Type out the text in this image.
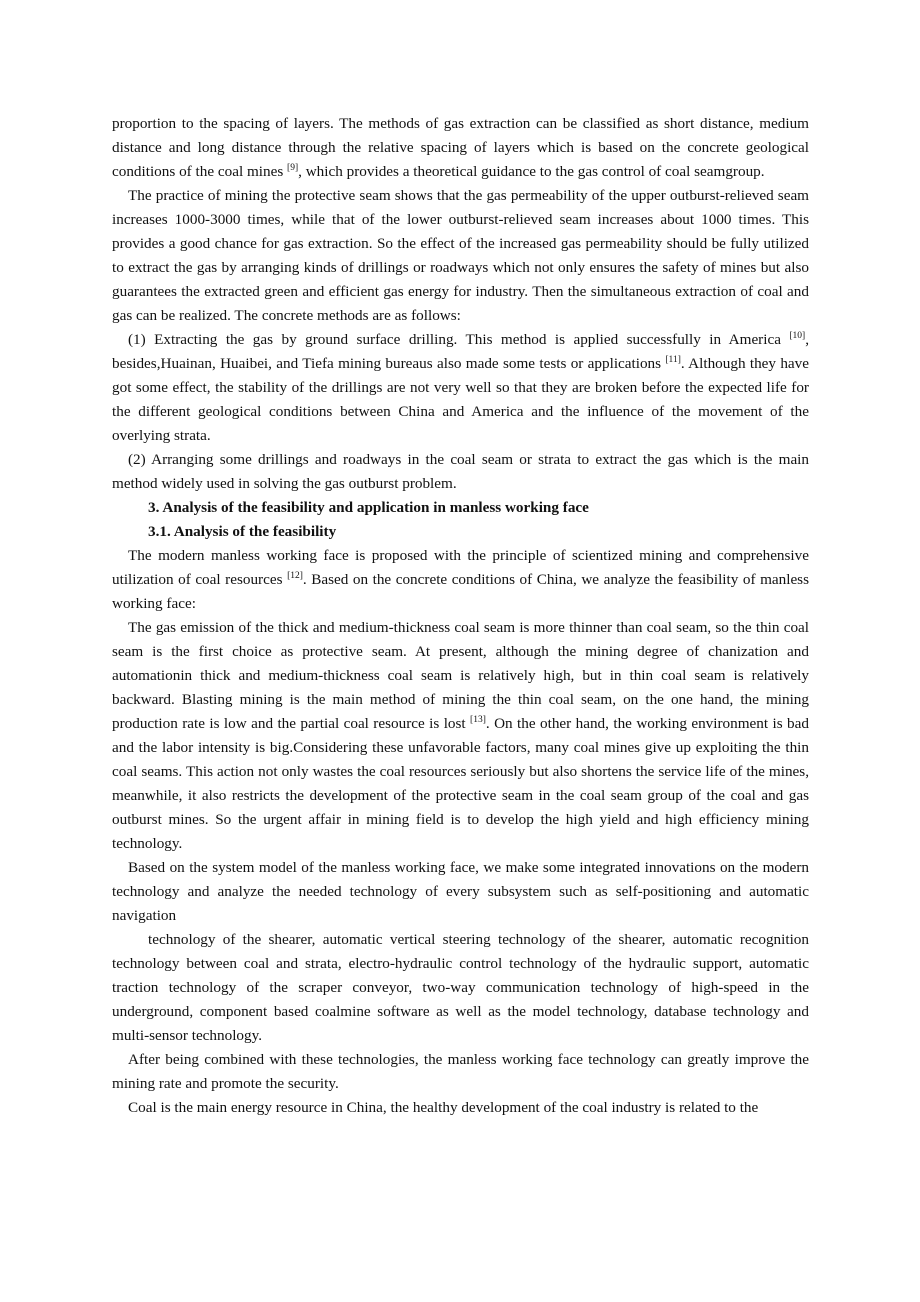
proportion to the spacing of layers. The methods of gas extraction can be classified as short distance, medium distance and long distance through the relative spacing of layers which is based on the concrete geological conditions of the coal mines [9], which provides a theoretical guidance to the gas control of coal seamgroup.

The practice of mining the protective seam shows that the gas permeability of the upper outburst-relieved seam increases 1000-3000 times, while that of the lower outburst-relieved seam increases about 1000 times. This provides a good chance for gas extraction. So the effect of the increased gas permeability should be fully utilized to extract the gas by arranging kinds of drillings or roadways which not only ensures the safety of mines but also guarantees the extracted green and efficient gas energy for industry. Then the simultaneous extraction of coal and gas can be realized. The concrete methods are as follows:

(1) Extracting the gas by ground surface drilling. This method is applied successfully in America [10], besides,Huainan, Huaibei, and Tiefa mining bureaus also made some tests or applications [11]. Although they have got some effect, the stability of the drillings are not very well so that they are broken before the expected life for the different geological conditions between China and America and the influence of the movement of the overlying strata.

(2) Arranging some drillings and roadways in the coal seam or strata to extract the gas which is the main method widely used in solving the gas outburst problem.

3. Analysis of the feasibility and application in manless working face

3.1. Analysis of the feasibility

The modern manless working face is proposed with the principle of scientized mining and comprehensive utilization of coal resources [12]. Based on the concrete conditions of China, we analyze the feasibility of manless working face:

The gas emission of the thick and medium-thickness coal seam is more thinner than coal seam, so the thin coal seam is the first choice as protective seam. At present, although the mining degree of chanization and automationin thick and medium-thickness coal seam is relatively high, but in thin coal seam is relatively backward. Blasting mining is the main method of mining the thin coal seam, on the one hand, the mining production rate is low and the partial coal resource is lost [13]. On the other hand, the working environment is bad and the labor intensity is big.Considering these unfavorable factors, many coal mines give up exploiting the thin coal seams. This action not only wastes the coal resources seriously but also shortens the service life of the mines, meanwhile, it also restricts the development of the protective seam in the coal seam group of the coal and gas outburst mines. So the urgent affair in mining field is to develop the high yield and high efficiency mining technology.

Based on the system model of the manless working face, we make some integrated innovations on the modern technology and analyze the needed technology of every subsystem such as self-positioning and automatic navigation

technology of the shearer, automatic vertical steering technology of the shearer, automatic recognition technology between coal and strata, electro-hydraulic control technology of the hydraulic support, automatic traction technology of the scraper conveyor, two-way communication technology of high-speed in the underground, component based coalmine software as well as the model technology, database technology and multi-sensor technology.

After being combined with these technologies, the manless working face technology can greatly improve the mining rate and promote the security.

Coal is the main energy resource in China, the healthy development of the coal industry is related to the
